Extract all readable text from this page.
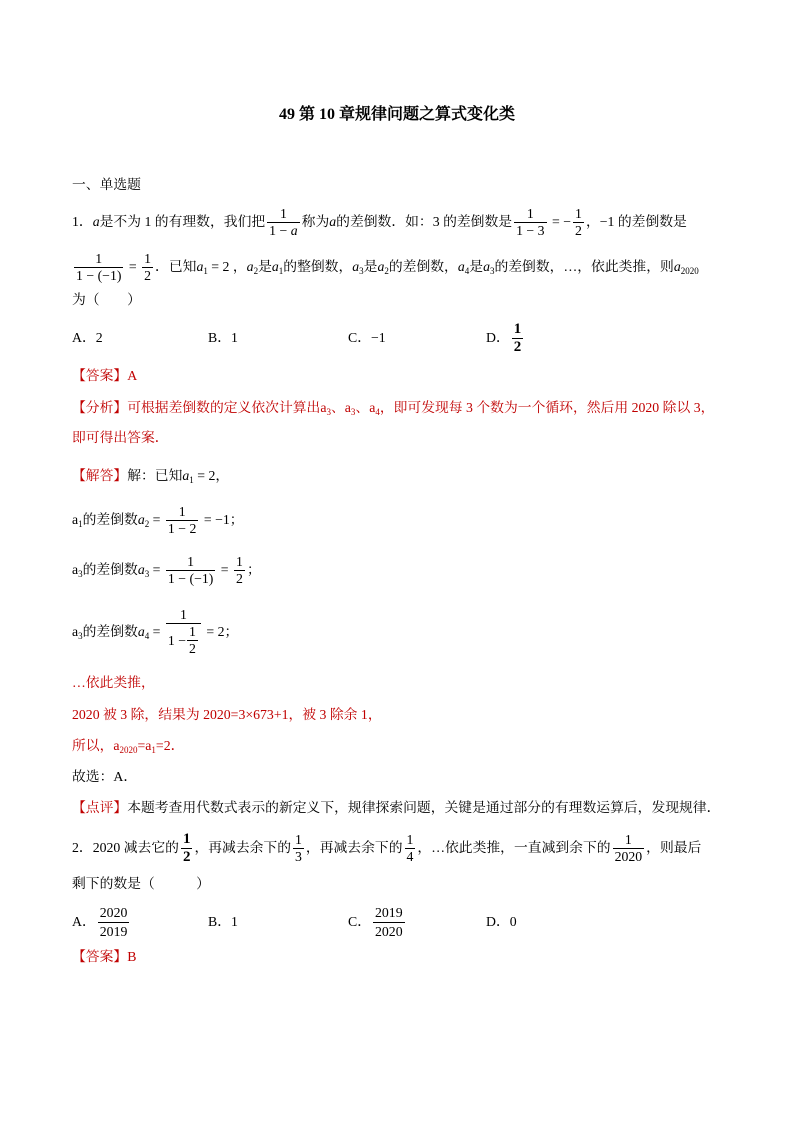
49 第 10 章规律问题之算式变化类
一、单选题
1． a 是不为 1 的有理数，我们把 $\frac{1}{1 - a}$ 称为 a 的差倒数．如：3 的差倒数是 $\frac{1}{1 - 3}$ = − $\frac{1}{2}$ ，−1 的差倒数是
$\frac{1}{1 - (-1)} = \frac{1}{2}$ ．已知 $a_1 = 2$ ， $a_2$ 是 $a_1$ 的整倒数， $a_3$ 是 $a_2$ 的差倒数， $a_4$ 是 $a_3$ 的差倒数，…，依此类推，则 $a_{2020}$
为（　　）
A． 2	B． 1	C． −1	D． $\frac{1}{2}$
【答案】 A
【分析】 可根据差倒数的定义依次计算出 $a_3$ 、 $a_3$ 、 $a_4$ ，即可发现每 3 个数为一个循环，然后用 2020 除以 3，
即可得出答案．
【解答】 解：已知 $a_1 = 2$ ，
$a_1$ 的差倒数 $a_2 = \frac{1}{1 - 2} = -1$；
$a_3$ 的差倒数 $a_3 = \frac{1}{1 - (-1)} = \frac{1}{2}$ ；
$a_3$ 的差倒数 $a_4 = \frac{1}{1 - \frac{1}{2}} = 2$；
…依此类推，
2020 被 3 除，结果为 2020=3×673+1，被 3 除余 1，
所以， $a_{2020} = a_1 =2$．
故选：A．
【点评】 本题考查用代数式表示的新定义下，规律探索问题，关键是通过部分的有理数运算后，发现规律．
2． 2020 减去它的 $\frac{1}{2}$ ，再减去余下的 $\frac{1}{3}$ ，再减去余下的 $\frac{1}{4}$ ，…依此类推，一直减到余下的 $\frac{1}{2020}$ ，则最后
剩下的数是（　　　）
A． $\frac{2020}{2019}$	B． 1	C． $\frac{2019}{2020}$	D． 0
【答案】 B
